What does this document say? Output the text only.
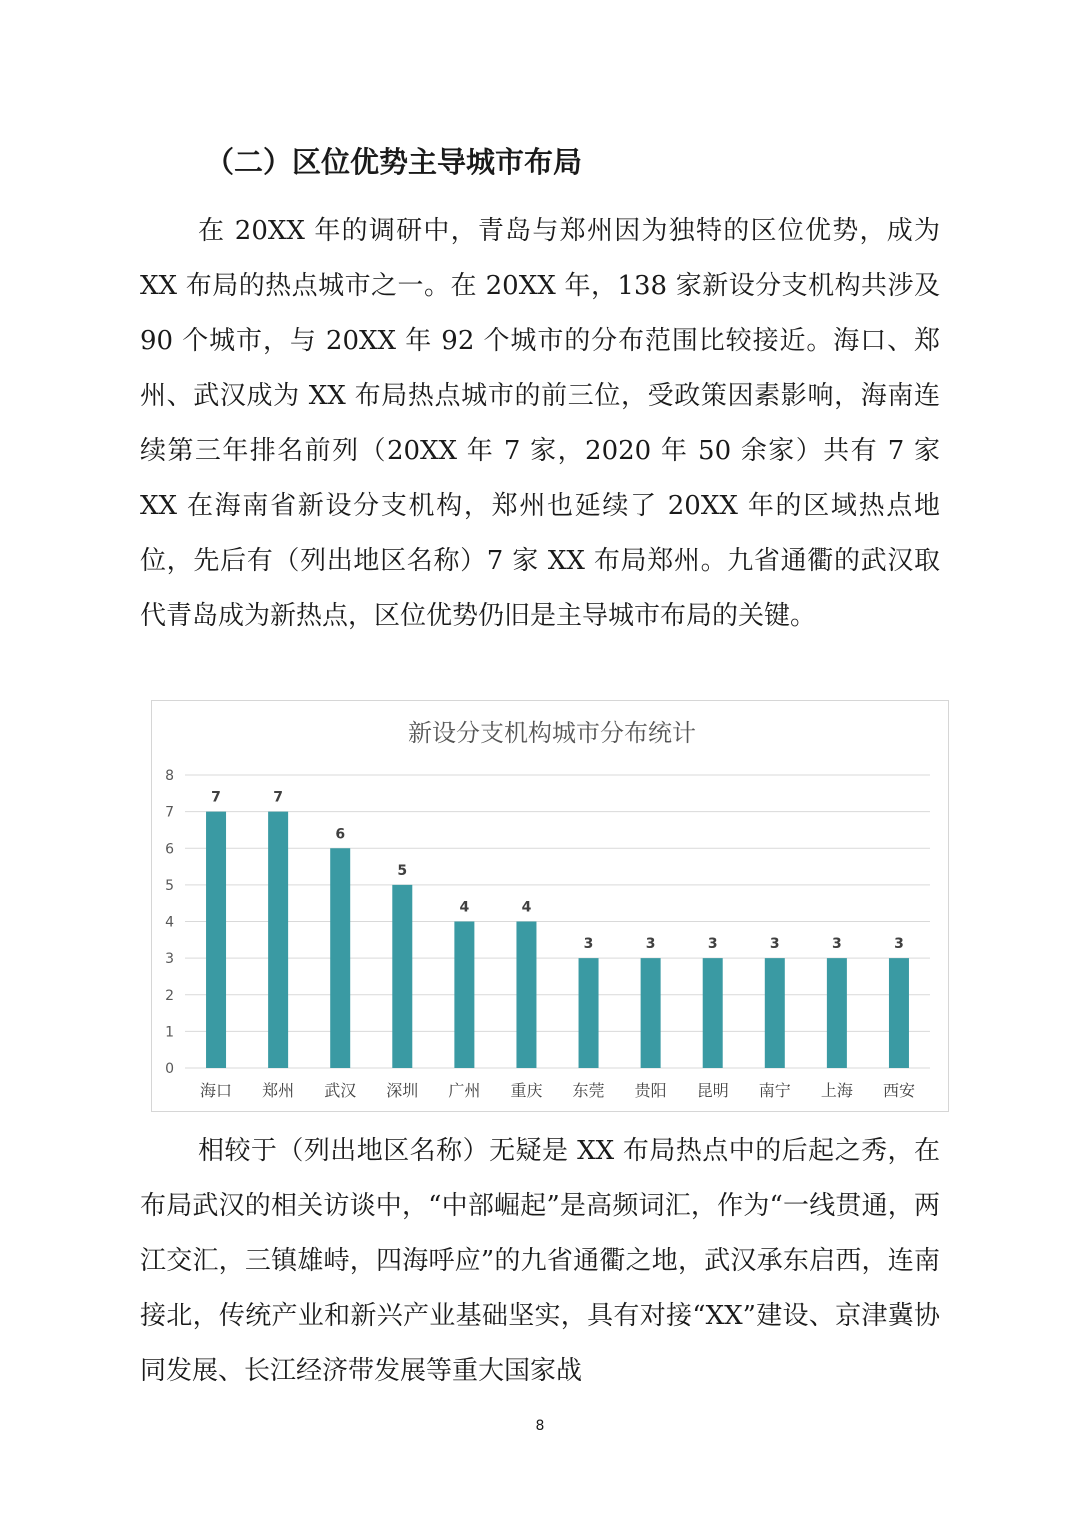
（二）区位优势主导城市布局

在 20XX 年的调研中，青岛与郑州因为独特的区位优势，成为 XX 布局的热点城市之一。在 20XX 年，138 家新设分支机构共涉及 90 个城市，与 20XX 年 92 个城市的分布范围比较接近。海口、郑州、武汉成为 XX 布局热点城市的前三位，受政策因素影响，海南连续第三年排名前列（20XX 年 7 家，2020 年 50 余家）共有 7 家 XX 在海南省新设分支机构，郑州也延续了 20XX 年的区域热点地位，先后有（列出地区名称）7 家 XX 布局郑州。九省通衢的武汉取代青岛成为新热点，区位优势仍旧是主导城市布局的关键。

新设分支机构城市分布统计
0
1
2
3
4
5
6
7
8
7	7
6
5
4	4
3	3	3	3	3	3
海口 郑州 武汉 深圳 广州 重庆 东莞 贵阳 昆明 南宁 上海 西安

相较于（列出地区名称）无疑是 XX 布局热点中的后起之秀，在布局武汉的相关访谈中，“中部崛起”是高频词汇，作为“一线贯通，两江交汇，三镇雄峙，四海呼应”的九省通衢之地，武汉承东启西，连南接北，传统产业和新兴产业基础坚实，具有对接“XX”建设、京津冀协同发展、长江经济带发展等重大国家战

8
